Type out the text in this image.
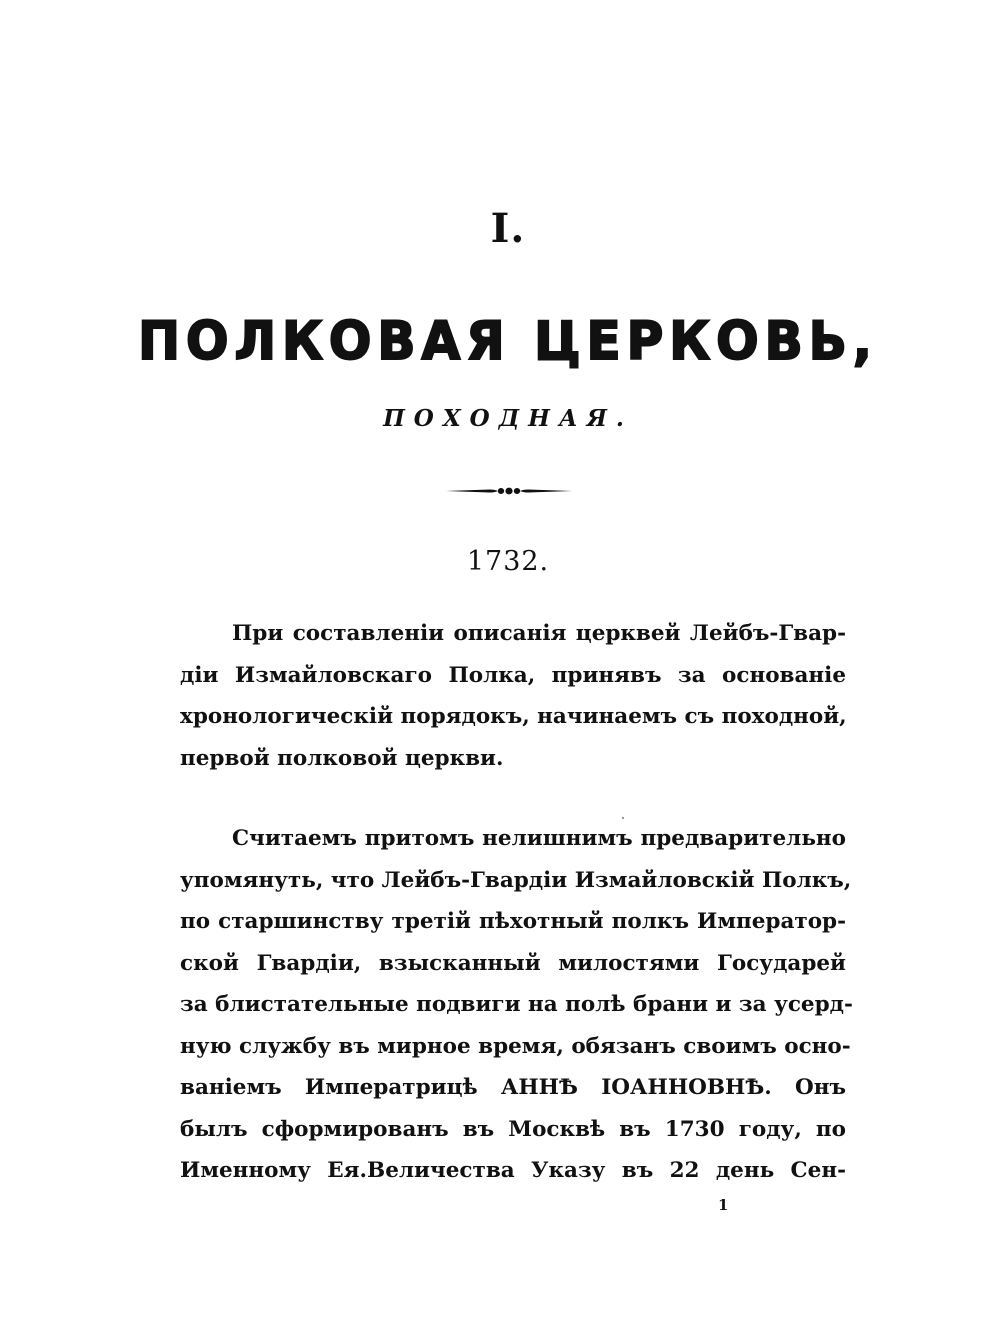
I.
ПОЛКОВАЯ ЦЕРКОВЬ,
ПОХОДНАЯ.
1732.
При составленіи описанія церквей Лейбъ-Гвар-
діи Измайловскаго Полка, принявъ за основаніе
хронологическій порядокъ, начинаемъ съ походной,
первой полковой церкви.
Считаемъ притомъ нелишнимъ предварительно
упомянуть, что Лейбъ-Гвардіи Измайловскій Полкъ,
по старшинству третій пѣхотный полкъ Император-
ской Гвардіи, взысканный милостями Государей
за блистательные подвиги на полѣ брани и за усерд-
ную службу въ мирное время, обязанъ своимъ осно-
ваніемъ Императрицѣ АННѢ ІОАННОВНѢ. Онъ
былъ сформированъ въ Москвѣ въ 1730 году, по
Именному Ея.Величества Указу въ 22 день Сен-
1
